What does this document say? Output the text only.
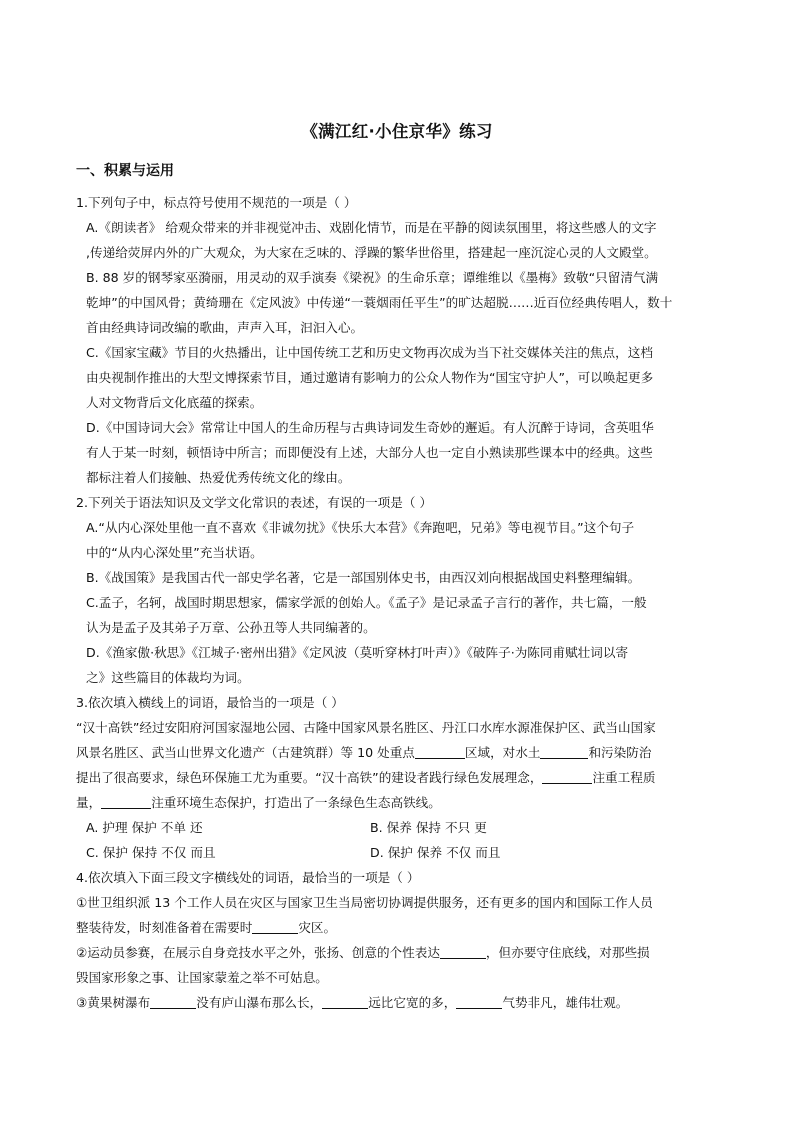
《满江红·小住京华》练习
一、积累与运用
1.下列句子中，标点符号使用不规范的一项是（ ）
A.《朗读者》 给观众带来的并非视觉冲击、戏剧化情节，而是在平静的阅读氛围里，将这些感人的文字
,传递给荧屏内外的广大观众，为大家在乏味的、浮躁的繁华世俗里，搭建起一座沉淀心灵的人文殿堂。
B. 88 岁的钢琴家巫漪丽，用灵动的双手演奏《梁祝》的生命乐章；谭维维以《墨梅》致敬“只留清气满
乾坤”的中国风骨；黄绮珊在《定风波》中传递“一蓑烟雨任平生”的旷达超脱……近百位经典传唱人，数十
首由经典诗词改编的歌曲，声声入耳，汩汩入心。
C.《国家宝藏》节目的火热播出，让中国传统工艺和历史文物再次成为当下社交媒体关注的焦点，这档
由央视制作推出的大型文博探索节目，通过邀请有影响力的公众人物作为“国宝守护人”，可以唤起更多
人对文物背后文化底蕴的探索。
D.《中国诗词大会》常常让中国人的生命历程与古典诗词发生奇妙的邂逅。有人沉醉于诗词，含英咀华
有人于某一时刻，顿悟诗中所言；而即便没有上述，大部分人也一定自小熟读那些课本中的经典。这些
都标注着人们接触、热爱优秀传统文化的缘由。
2.下列关于语法知识及文学文化常识的表述，有误的一项是（ ）
A.“从内心深处里他一直不喜欢《非诚勿扰》《快乐大本营》《奔跑吧，兄弟》等电视节目。”这个句子
中的“从内心深处里”充当状语。
B.《战国策》是我国古代一部史学名著，它是一部国别体史书，由西汉刘向根据战国史料整理编辑。
C.孟子，名轲，战国时期思想家，儒家学派的创始人。《孟子》是记录孟子言行的著作，共七篇，一般
认为是孟子及其弟子万章、公孙丑等人共同编著的。
D.《渔家傲·秋思》《江城子·密州出猎》《定风波（莫听穿林打叶声）》《破阵子·为陈同甫赋壮词以寄
之》这些篇目的体裁均为词。
3.依次填入横线上的词语，最恰当的一项是（ ）
“汉十高铁”经过安阳府河国家湿地公园、古隆中国家风景名胜区、丹江口水库水源准保护区、武当山国家
风景名胜区、武当山世界文化遗产（古建筑群）等 10 处重点	区域，对水土	和污染防治
提出了很高要求，绿色环保施工尤为重要。“汉十高铁”的建设者践行绿色发展理念，	注重工程质
量，	注重环境生态保护，打造出了一条绿色生态高铁线。
A. 护理 保护 不单 还	B. 保养 保持 不只 更
C. 保护 保持 不仅 而且	D. 保护 保养 不仅 而且
4.依次填入下面三段文字横线处的词语，最恰当的一项是（ ）
①世卫组织派 13 个工作人员在灾区与国家卫生当局密切协调提供服务，还有更多的国内和国际工作人员
整装待发，时刻准备着在需要时	灾区。
②运动员参赛，在展示自身竞技水平之外，张扬、创意的个性表达	，但亦要守住底线，对那些损
毁国家形象之事、让国家蒙羞之举不可姑息。
③黄果树瀑布	没有庐山瀑布那么长，	远比它宽的多，	气势非凡，雄伟壮观。
